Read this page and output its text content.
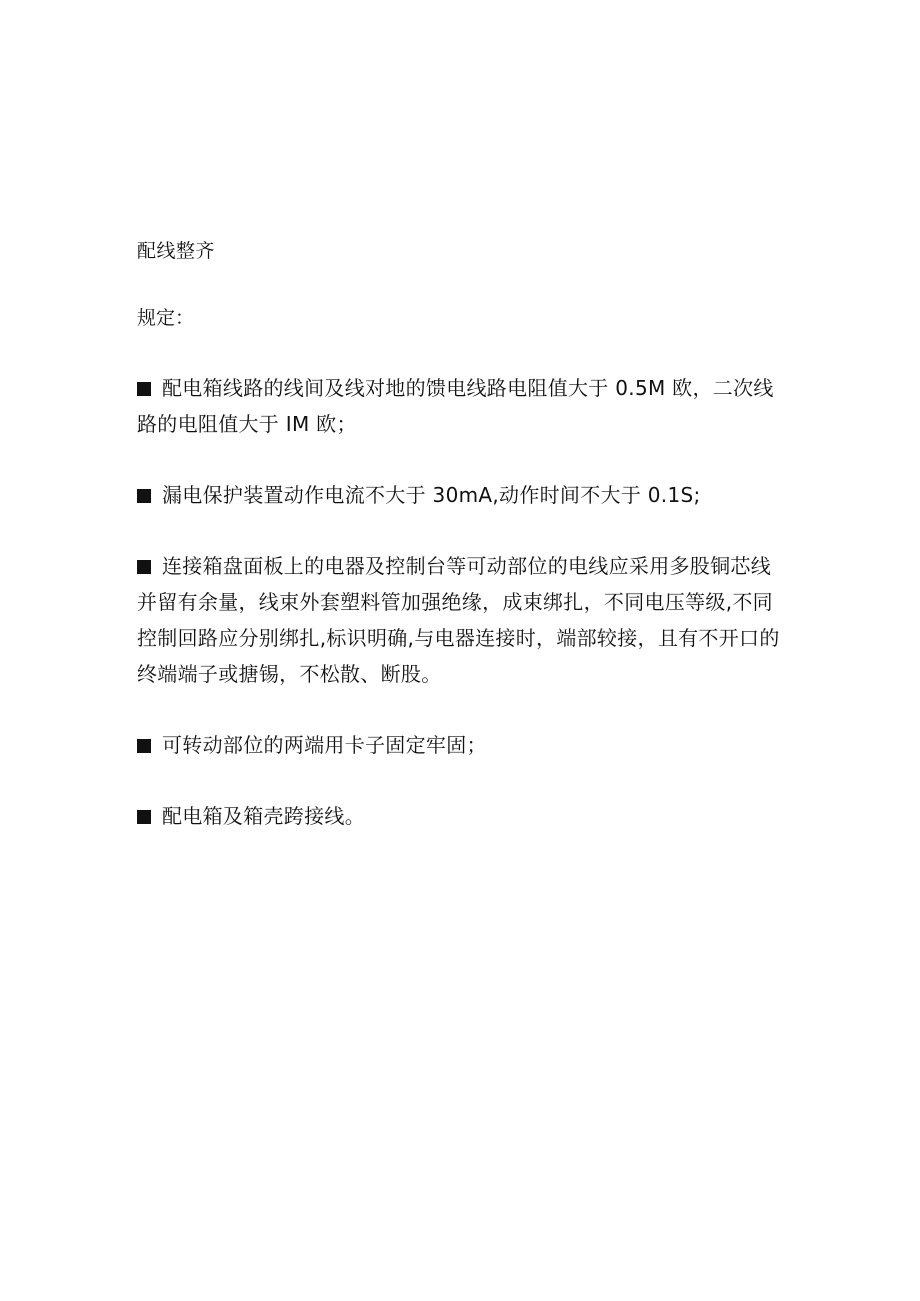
配线整齐
规定：
配电箱线路的线间及线对地的馈电线路电阻值大于 0.5M 欧，二次线路的电阻值大于 IM 欧；
漏电保护装置动作电流不大于 30mA,动作时间不大于 0.1S;
连接箱盘面板上的电器及控制台等可动部位的电线应采用多股铜芯线并留有余量，线束外套塑料管加强绝缘，成束绑扎，不同电压等级,不同控制回路应分别绑扎,标识明确,与电器连接时，端部较接，且有不开口的终端端子或搪锡，不松散、断股。
可转动部位的两端用卡子固定牢固；
配电箱及箱壳跨接线。
